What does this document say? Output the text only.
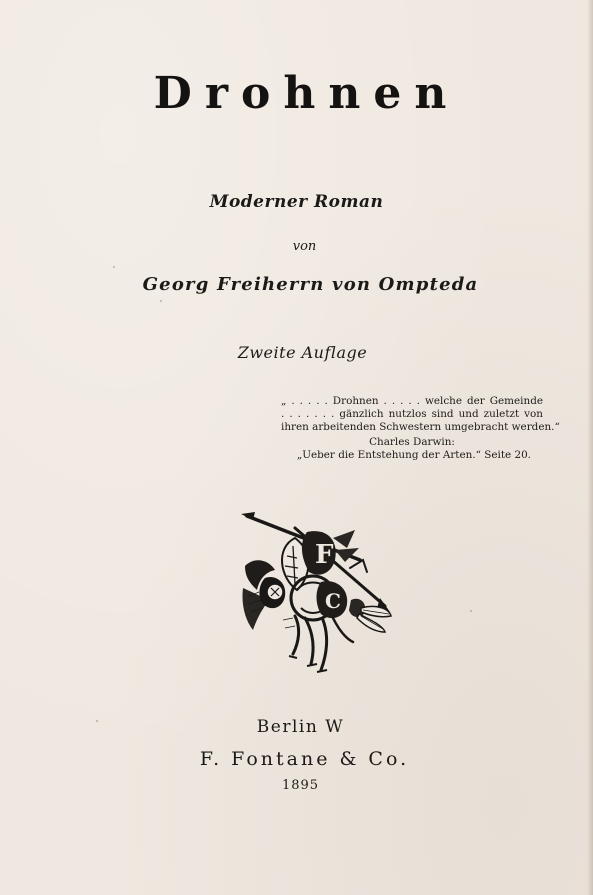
Drohnen
Moderner Roman
von
Georg Freiherrn von Ompteda
Zweite Auflage
„ . . . . . Drohnen . . . . . welche der Gemeinde
. . . . . . . gänzlich nutzlos sind und zuletzt von
ihren arbeitenden Schwestern umgebracht werden.“
Charles Darwin:
„Ueber die Entstehung der Arten.“ Seite 20.
F
C
Berlin W
F. Fontane & Co.
1895
